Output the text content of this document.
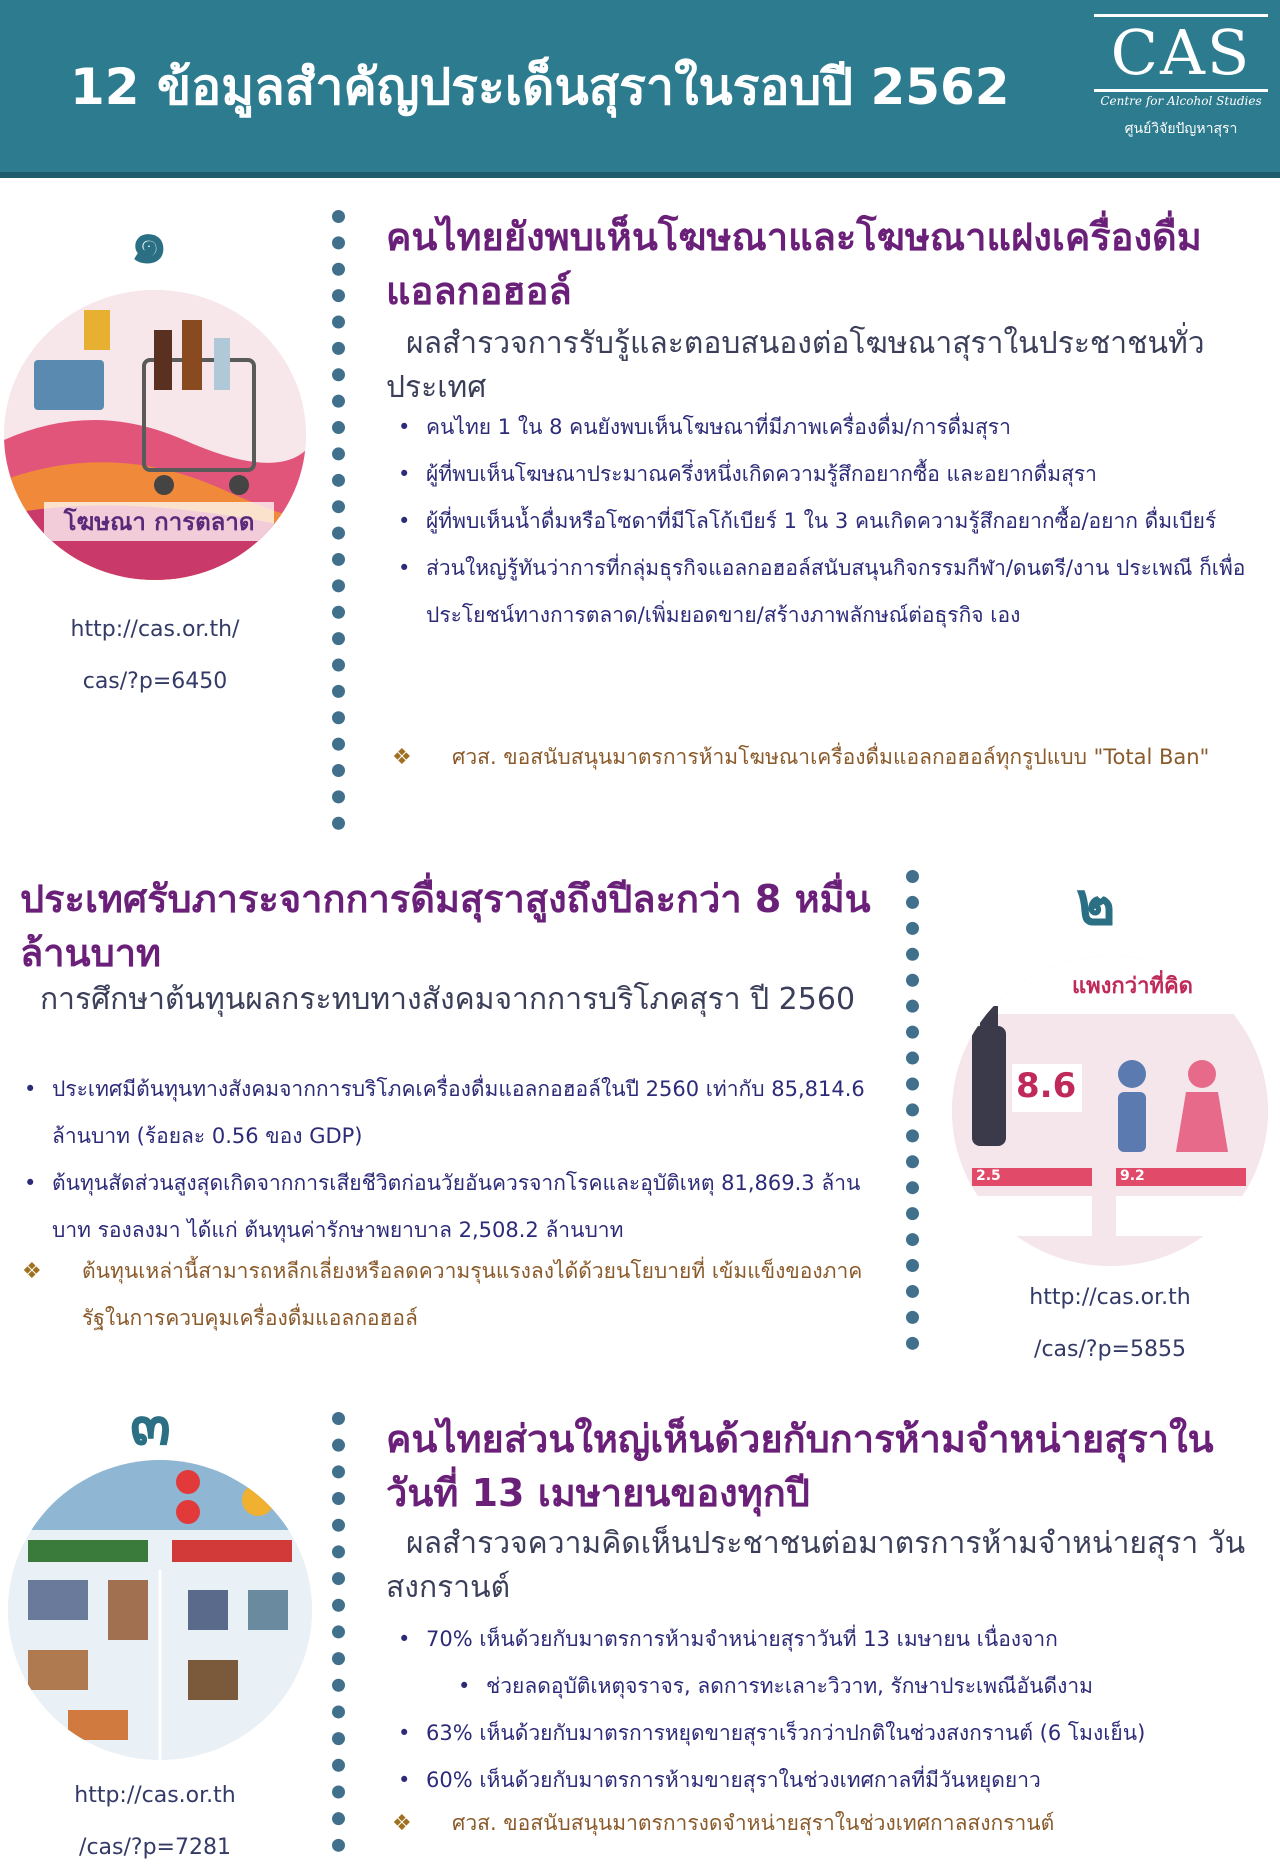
12 ข้อมูลสำคัญประเด็นสุราในรอบปี 2562 CAS
Centre for Alcohol Studies
ศูนย์วิจัยปัญหาสุรา
๑
โฆษณา การตลาด
http://cas.or.th/
cas/?p=6450
คนไทยยังพบเห็นโฆษณาและโฆษณาแฝงเครื่องดื่ม แอลกอฮอล์
ผลสำรวจการรับรู้และตอบสนองต่อโฆษณาสุราในประชาชนทั่ว ประเทศ
• คนไทย 1 ใน 8 คนยังพบเห็นโฆษณาที่มีภาพเครื่องดื่ม/การดื่มสุรา
• ผู้ที่พบเห็นโฆษณาประมาณครึ่งหนึ่งเกิดความรู้สึกอยากซื้อ และอยากดื่มสุรา
• ผู้ที่พบเห็นน้ำดื่มหรือโซดาที่มีโลโก้เบียร์ 1 ใน 3 คนเกิดความรู้สึกอยากซื้อ/อยาก ดื่มเบียร์
• ส่วนใหญ่รู้ทันว่าการที่กลุ่มธุรกิจแอลกอฮอล์สนับสนุนกิจกรรมกีฬา/ดนตรี/งาน ประเพณี ก็เพื่อประโยชน์ทางการตลาด/เพิ่มยอดขาย/สร้างภาพลักษณ์ต่อธุรกิจ เอง
❖	ศวส. ขอสนับสนุนมาตรการห้ามโฆษณาเครื่องดื่มแอลกอฮอล์ทุกรูปแบบ "Total Ban"
ประเทศรับภาระจากการดื่มสุราสูงถึงปีละกว่า 8 หมื่นล้านบาท
การศึกษาต้นทุนผลกระทบทางสังคมจากการบริโภคสุรา ปี 2560
• ประเทศมีต้นทุนทางสังคมจากการบริโภคเครื่องดื่มแอลกอฮอล์ในปี 2560 เท่ากับ 85,814.6 ล้านบาท (ร้อยละ 0.56 ของ GDP)
• ต้นทุนสัดส่วนสูงสุดเกิดจากการเสียชีวิตก่อนวัยอันควรจากโรคและอุบัติเหตุ 81,869.3 ล้านบาท รองลงมา ได้แก่ ต้นทุนค่ารักษาพยาบาล 2,508.2 ล้านบาท
❖	ต้นทุนเหล่านี้สามารถหลีกเลี่ยงหรือลดความรุนแรงลงได้ด้วยนโยบายที่ เข้มแข็งของภาครัฐในการควบคุมเครื่องดื่มแอลกอฮอล์
๒
แพงกว่าที่คิด
8.6
2.5	9.2
http://cas.or.th
/cas/?p=5855
๓
http://cas.or.th
/cas/?p=7281
คนไทยส่วนใหญ่เห็นด้วยกับการห้ามจำหน่ายสุราใน วันที่ 13 เมษายนของทุกปี
ผลสำรวจความคิดเห็นประชาชนต่อมาตรการห้ามจำหน่ายสุรา วันสงกรานต์
• 70% เห็นด้วยกับมาตรการห้ามจำหน่ายสุราวันที่ 13 เมษายน เนื่องจาก
• ช่วยลดอุบัติเหตุจราจร, ลดการทะเลาะวิวาท, รักษาประเพณีอันดีงาม
• 63% เห็นด้วยกับมาตรการหยุดขายสุราเร็วกว่าปกติในช่วงสงกรานต์ (6 โมงเย็น)
• 60% เห็นด้วยกับมาตรการห้ามขายสุราในช่วงเทศกาลที่มีวันหยุดยาว
❖	ศวส. ขอสนับสนุนมาตรการงดจำหน่ายสุราในช่วงเทศกาลสงกรานต์
